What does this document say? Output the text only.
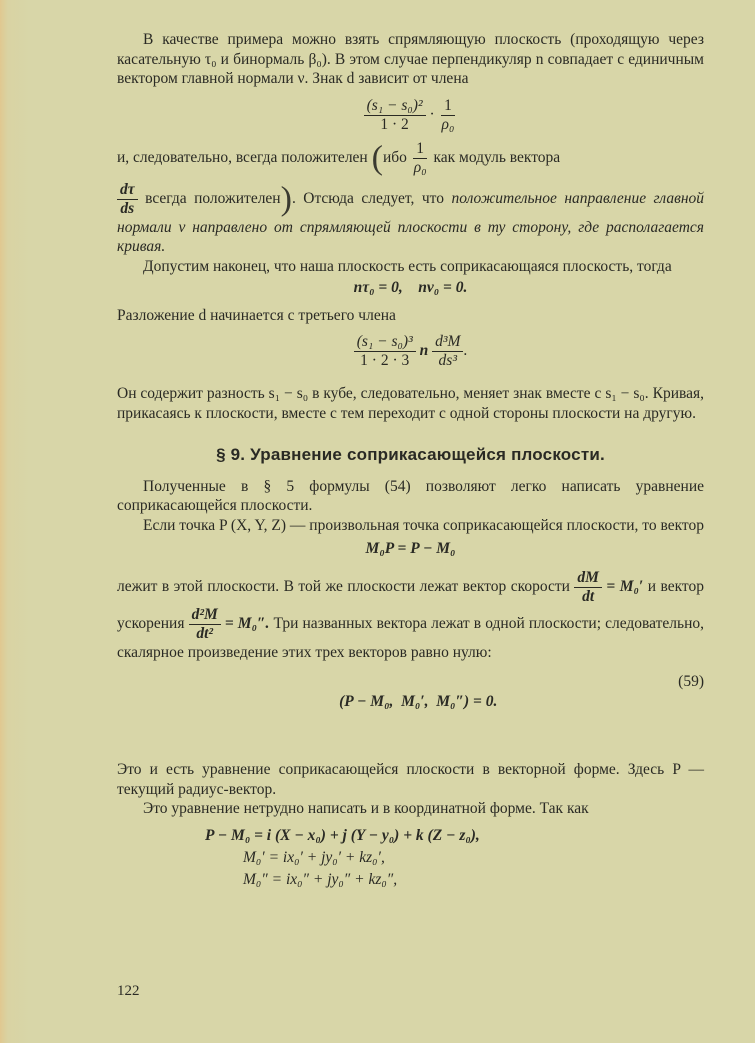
В качестве примера можно взять спрямляющую плоскость (проходящую через касательную τ₀ и бинормаль β₀). В этом случае перпендикуляр n совпадает с единичным вектором главной нормали ν. Знак d зависит от члена

$\frac{\text{(s₁ − s₀)²}}{1 \cdot 2} \cdot \frac{1}{\text{ρ₀}}$

и, следовательно, всегда положителен ($ибо \frac{1}{\text{ρ₀}}$ как модуль вектора

$\frac{d\tau}{ds}$ всегда положителен). Отсюда следует, что положительное направление главной нормали ν направлено от спрямляющей плоскости в ту сторону, где располагается кривая.

Допустим наконец, что наша плоскость есть соприкасающаяся плоскость, тогда

nτ₀ = 0,    nν₀ = 0.

Разложение d начинается с третьего члена

$\frac{\text{(s₁ − s₀)³}}{1 \cdot 2 \cdot 3}$ n $\frac{\text{d³M}}{\text{ds³}}$ .

Он содержит разность s₁ − s₀ в кубе, следовательно, меняет знак вместе с s₁ − s₀. Кривая, прикасаясь к плоскости, вместе с тем переходит с одной стороны плоскости на другую.

§ 9. Уравнение соприкасающейся плоскости.

Полученные в § 5 формулы (54) позволяют легко написать уравнение соприкасающейся плоскости.

Если точка P (X, Y, Z) — произвольная точка соприкасающейся плоскости, то вектор

M₀P = P − M₀

лежит в этой плоскости. В той же плоскости лежат вектор скорости $\frac{dM}{dt} = M_0'$ и вектор ускорения $\frac{\text{d²M}}{\text{dt²}} = M_0''$. Три названных вектора лежат в одной плоскости; следовательно, скалярное произведение этих трех векторов равно нулю:

(P − M₀,  M₀′,  M₀″) = 0.

(59)

Это и есть уравнение соприкасающейся плоскости в векторной форме. Здесь P — текущий радиус-вектор.

Это уравнение нетрудно написать и в координатной форме. Так как

P − M₀ = i (X − x₀) + j (Y − y₀) + k (Z − z₀),
M₀′ = ix₀′ + jy₀′ + kz₀′,
M₀″ = ix₀″ + jy₀″ + kz₀″,
122
